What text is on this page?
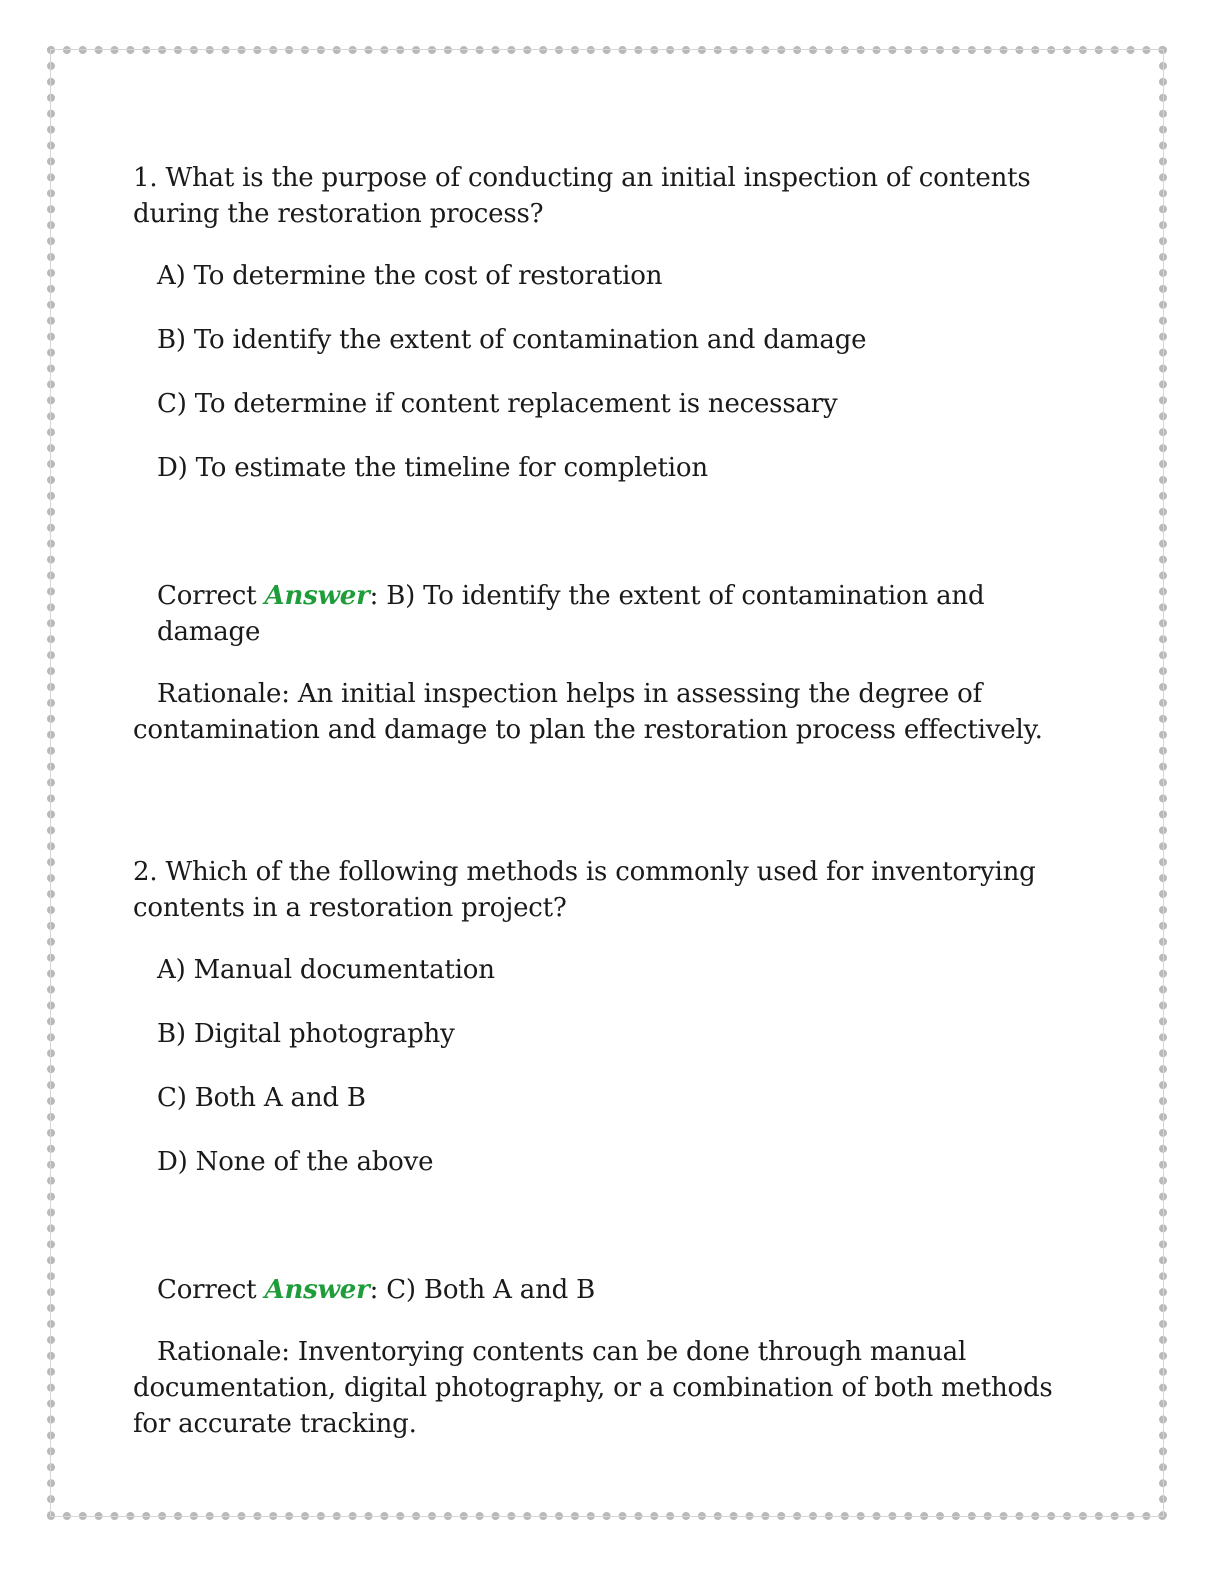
1. What is the purpose of conducting an initial inspection of contents during the restoration process?

A) To determine the cost of restoration
B) To identify the extent of contamination and damage
C) To determine if content replacement is necessary
D) To estimate the timeline for completion

Correct Answer: B) To identify the extent of contamination and damage

Rationale: An initial inspection helps in assessing the degree of contamination and damage to plan the restoration process effectively.

2. Which of the following methods is commonly used for inventorying contents in a restoration project?

A) Manual documentation
B) Digital photography
C) Both A and B
D) None of the above

Correct Answer: C) Both A and B

Rationale: Inventorying contents can be done through manual documentation, digital photography, or a combination of both methods for accurate tracking.
